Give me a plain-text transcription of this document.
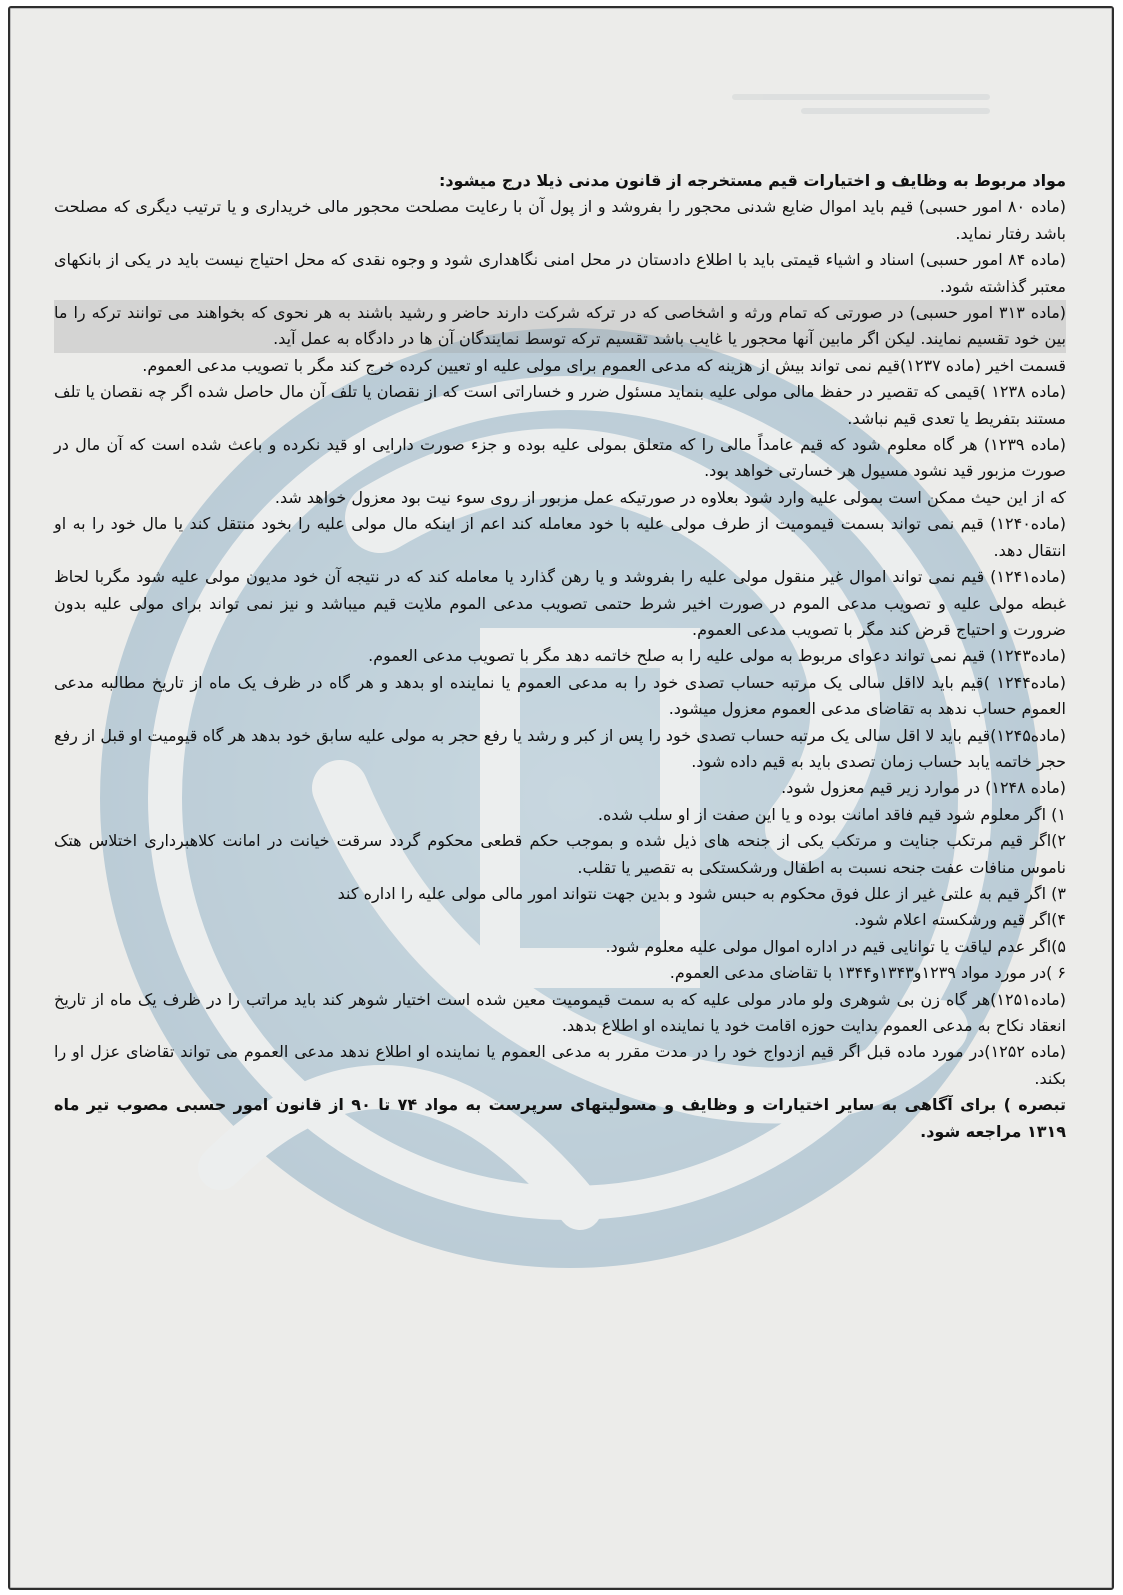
مواد مربوط به وظایف و اختیارات قیم مستخرجه از قانون مدنی ذیلا درج میشود:

(ماده ۸۰ امور حسبی) قیم باید اموال ضایع شدنی محجور را بفروشد و از پول آن با رعایت مصلحت محجور مالی خریداری و یا ترتیب دیگری که مصلحت باشد رفتار نماید.

(ماده ۸۴ امور حسبی) اسناد و اشیاء قیمتی باید با اطلاع دادستان در محل امنی نگاهداری شود و وجوه نقدی که محل احتیاج نیست باید در یکی از بانکهای معتبر گذاشته شود.

(ماده ۳۱۳ امور حسبی) در صورتی که تمام ورثه و اشخاصی که در ترکه شرکت دارند حاضر و رشید باشند به هر نحوی که بخواهند می توانند ترکه را ما بین خود تقسیم نمایند. لیکن اگر مابین آنها محجور یا غایب باشد تقسیم ترکه توسط نمایندگان آن ها در دادگاه به عمل آید.

قسمت اخیر (ماده ۱۲۳۷)قیم نمی تواند بیش از هزینه که مدعی العموم برای مولی علیه او تعیین کرده خرج کند مگر با تصویب مدعی العموم.

(ماده ۱۲۳۸ )قیمی که تقصیر در حفظ مالی مولی علیه بنماید مسئول ضرر و خساراتی است که از نقصان یا تلف آن مال حاصل شده اگر چه نقصان یا تلف مستند بتفریط یا تعدی قیم نباشد.

(ماده ۱۲۳۹) هر گاه معلوم شود که قیم عامداً مالی را که متعلق بمولی علیه بوده و جزء صورت دارایی او قید نکرده و باعث شده است که آن مال در صورت مزبور قید نشود مسیول هر خسارتی خواهد بود.

که از این حیث ممکن است بمولی علیه وارد شود بعلاوه در صورتیکه عمل مزبور از روی سوء نیت بود معزول خواهد شد.

(ماده۱۲۴۰) قیم نمی تواند بسمت قیمومیت از طرف مولی علیه با خود معامله کند اعم از اینکه مال مولی علیه را بخود منتقل کند یا مال خود را به او انتقال دهد.

(ماده۱۲۴۱) قیم نمی تواند اموال غیر منقول مولی علیه را بفروشد و یا رهن گذارد یا معامله کند که در نتیجه آن خود مدیون مولی علیه شود مگربا لحاظ غبطه مولی علیه و تصویب مدعی الموم در صورت اخیر شرط حتمی تصویب مدعی الموم ملایت قیم میباشد و نیز نمی تواند برای مولی علیه بدون ضرورت و احتیاج قرض کند مگر با تصویب مدعی العموم.

(ماده۱۲۴۳) قیم نمی تواند دعوای مربوط به مولی علیه را به صلح خاتمه دهد مگر با تصویب مدعی العموم.

(ماده۱۲۴۴ )قیم باید لااقل سالی یک مرتبه حساب تصدی خود را به مدعی العموم یا نماینده او بدهد و هر گاه در ظرف یک ماه از تاریخ مطالبه مدعی العموم حساب ندهد به تقاضای مدعی العموم معزول میشود.

(ماده۱۲۴۵)قیم باید لا اقل سالی یک مرتبه حساب تصدی خود را پس از کبر و رشد یا رفع حجر به مولی علیه سابق خود بدهد هر گاه قیومیت او قبل از رفع حجر خاتمه یابد حساب زمان تصدی باید به قیم داده شود.

(ماده ۱۲۴۸) در موارد زیر قیم معزول شود.

۱) اگر معلوم شود قیم فاقد امانت بوده و یا این صفت از او سلب شده.

۲)اگر قیم مرتکب جنایت و مرتکب یکی از جنحه های ذیل شده و بموجب حکم قطعی محکوم گردد سرقت خیانت در امانت کلاهبرداری اختلاس هتک ناموس منافات عفت جنحه نسبت به اطفال ورشکستکی به تقصیر یا تقلب.

۳) اگر قیم به علتی غیر از علل فوق محکوم به حبس شود و بدین جهت نتواند امور مالی مولی علیه را اداره کند

۴)اگر قیم ورشکسته اعلام شود.

۵)اگر عدم لیاقت یا توانایی قیم در اداره اموال مولی علیه معلوم شود.

۶ )در مورد مواد ۱۲۳۹و۱۳۴۳و۱۳۴۴ با تقاضای مدعی العموم.

(ماده۱۲۵۱)هر گاه زن بی شوهری ولو مادر مولی علیه که به سمت قیمومیت معین شده است اختیار شوهر کند باید مراتب را در ظرف یک ماه از تاریخ انعقاد نکاح به مدعی العموم بدایت حوزه اقامت خود یا نماینده او اطلاع بدهد.

(ماده ۱۲۵۲)در مورد ماده قبل اگر قیم ازدواج خود را در مدت مقرر به مدعی العموم یا نماینده او اطلاع ندهد مدعی العموم می تواند تقاضای عزل او را بکند.

تبصره ) برای آگاهی به سایر اختیارات و وظایف و مسولیتهای سرپرست به مواد ۷۴ تا ۹۰ از قانون امور حسبی مصوب تیر ماه ۱۳۱۹ مراجعه شود.
